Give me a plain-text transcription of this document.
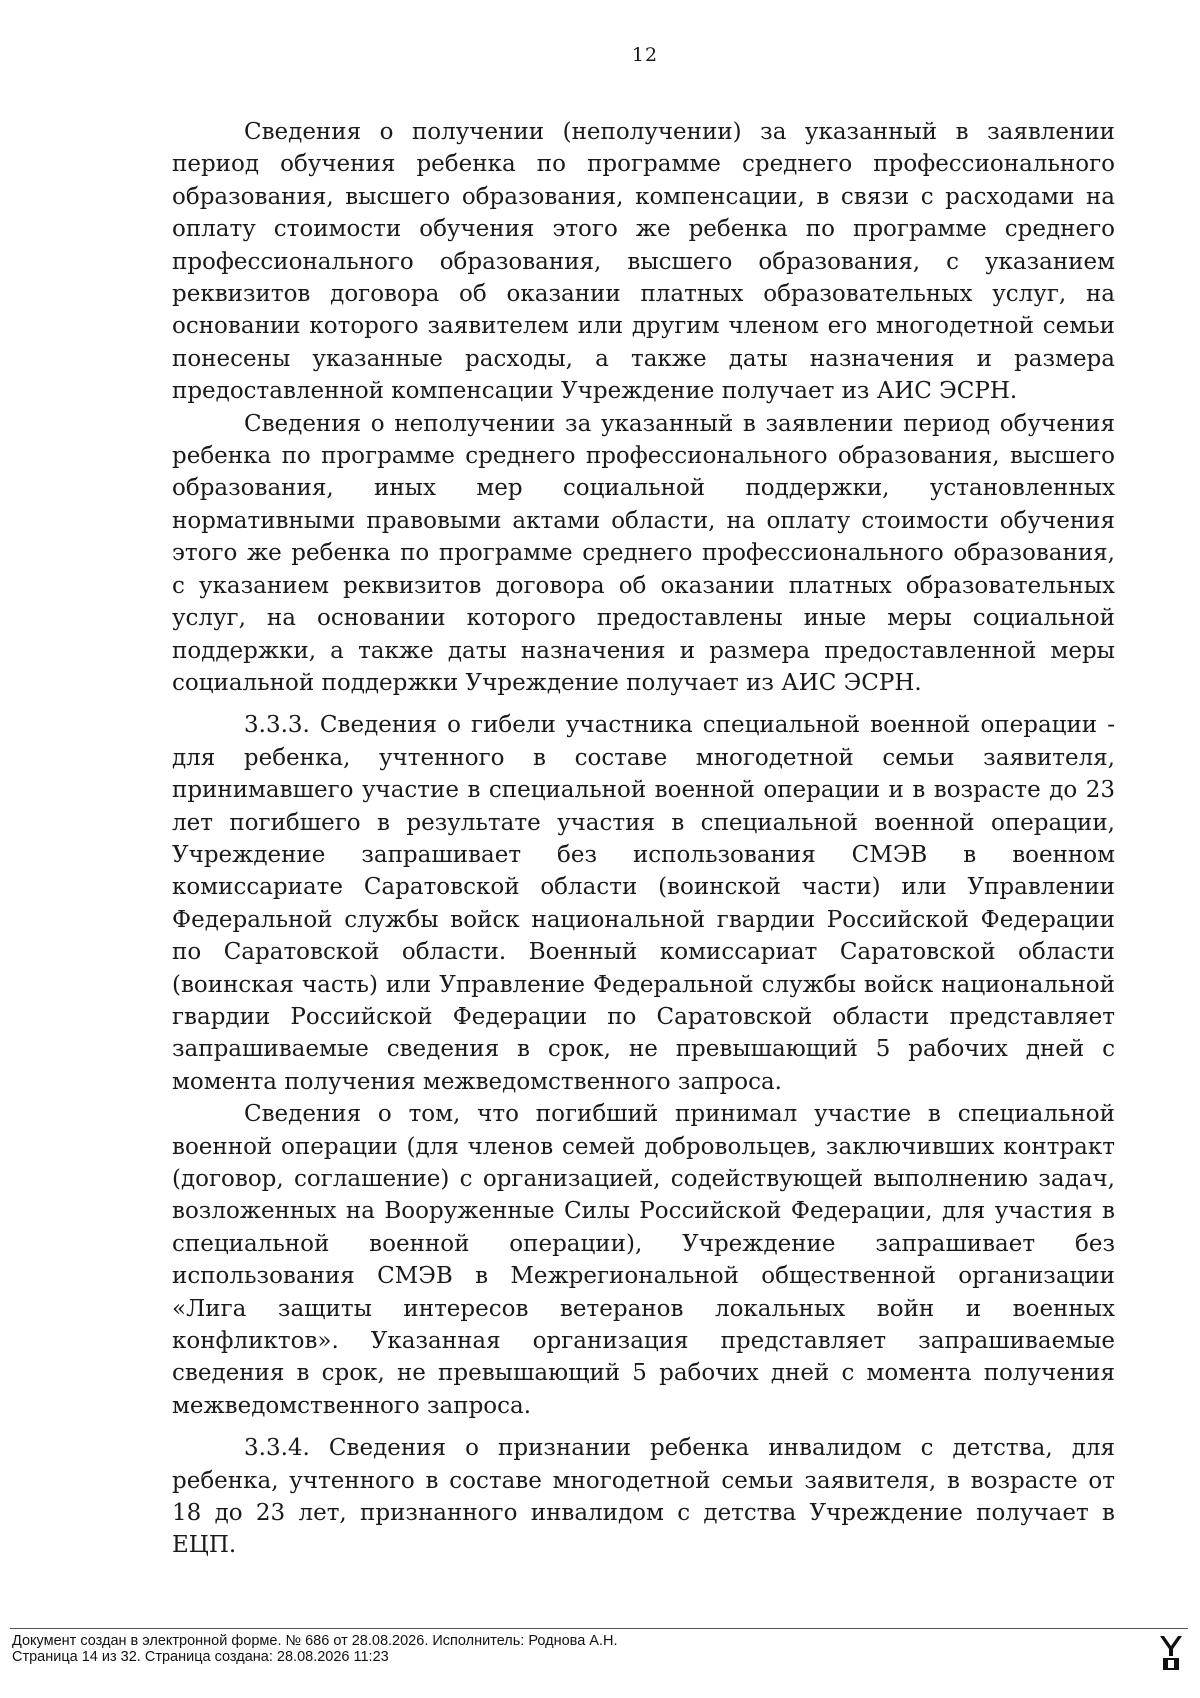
12

Сведения о получении (неполучении) за указанный в заявлении период обучения ребенка по программе среднего профессионального образования, высшего образования, компенсации, в связи с расходами на оплату стоимости обучения этого же ребенка по программе среднего профессионального образования, высшего образования, с указанием реквизитов договора об оказании платных образовательных услуг, на основании которого заявителем или другим членом его многодетной семьи понесены указанные расходы, а также даты назначения и размера предоставленной компенсации Учреждение получает из АИС ЭСРН.

Сведения о неполучении за указанный в заявлении период обучения ребенка по программе среднего профессионального образования, высшего образования, иных мер социальной поддержки, установленных нормативными правовыми актами области, на оплату стоимости обучения этого же ребенка по программе среднего профессионального образования, с указанием реквизитов договора об оказании платных образовательных услуг, на основании которого предоставлены иные меры социальной поддержки, а также даты назначения и размера предоставленной меры социальной поддержки Учреждение получает из АИС ЭСРН.

3.3.3. Сведения о гибели участника специальной военной операции - для ребенка, учтенного в составе многодетной семьи заявителя, принимавшего участие в специальной военной операции и в возрасте до 23 лет погибшего в результате участия в специальной военной операции, Учреждение запрашивает без использования СМЭВ в военном комиссариате Саратовской области (воинской части) или Управлении Федеральной службы войск национальной гвардии Российской Федерации по Саратовской области. Военный комиссариат Саратовской области (воинская часть) или Управление Федеральной службы войск национальной гвардии Российской Федерации по Саратовской области представляет запрашиваемые сведения в срок, не превышающий 5 рабочих дней с момента получения межведомственного запроса.

Сведения о том, что погибший принимал участие в специальной военной операции (для членов семей добровольцев, заключивших контракт (договор, соглашение) с организацией, содействующей выполнению задач, возложенных на Вооруженные Силы Российской Федерации, для участия в специальной военной операции), Учреждение запрашивает без использования СМЭВ в Межрегиональной общественной организации «Лига защиты интересов ветеранов локальных войн и военных конфликтов». Указанная организация представляет запрашиваемые сведения в срок, не превышающий 5 рабочих дней с момента получения межведомственного запроса.

3.3.4. Сведения о признании ребенка инвалидом с детства, для ребенка, учтенного в составе многодетной семьи заявителя, в возрасте от 18 до 23 лет, признанного инвалидом с детства Учреждение получает в ЕЦП.

Документ создан в электронной форме. № 686 от 28.08.2026. Исполнитель: Роднова А.Н.
Страница 14 из 32. Страница создана: 28.08.2026 11:23
